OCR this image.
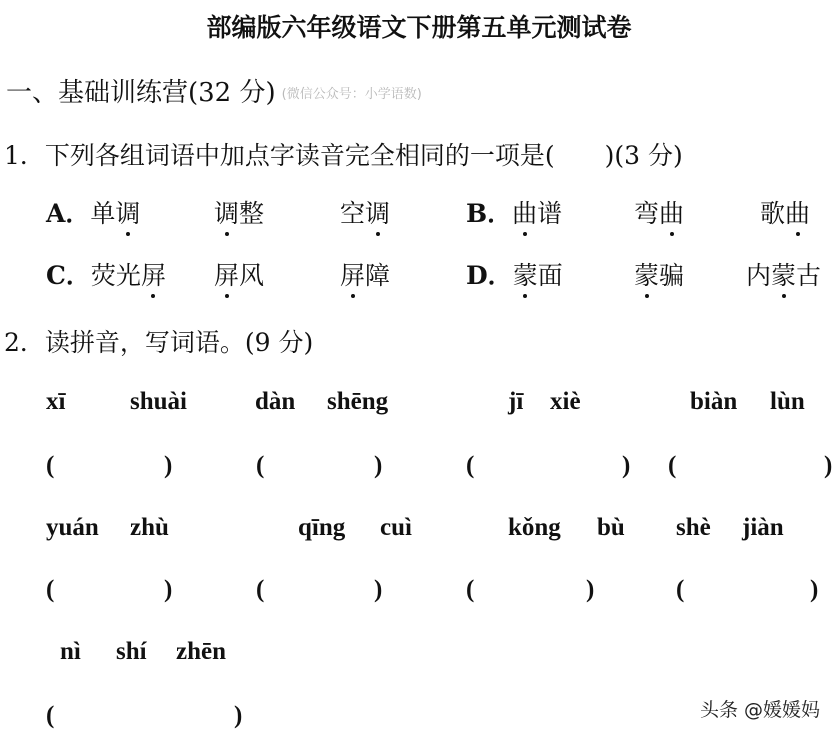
部编版六年级语文下册第五单元测试卷
一、基础训练营(32 分) (微信公众号：小学语数)
1．下列各组词语中加点字读音完全相同的一项是(　　)(3 分)
A．单调	调整	空调	B．曲谱	弯曲	歌曲
C．荧光屏 屏风	屏障	D．蒙面	蒙骗 内蒙古
2．读拼音，写词语。(9 分)
xī	shuài	dàn shēng	jī xiè	biàn lùn
(	)	(	)	(	) (	)
yuán zhù	qīng cuì	kǒng bù shè jiàn
(	)	(	)	(	)	(	)
nì shí zhēn
(	)	头条 @媛媛妈
